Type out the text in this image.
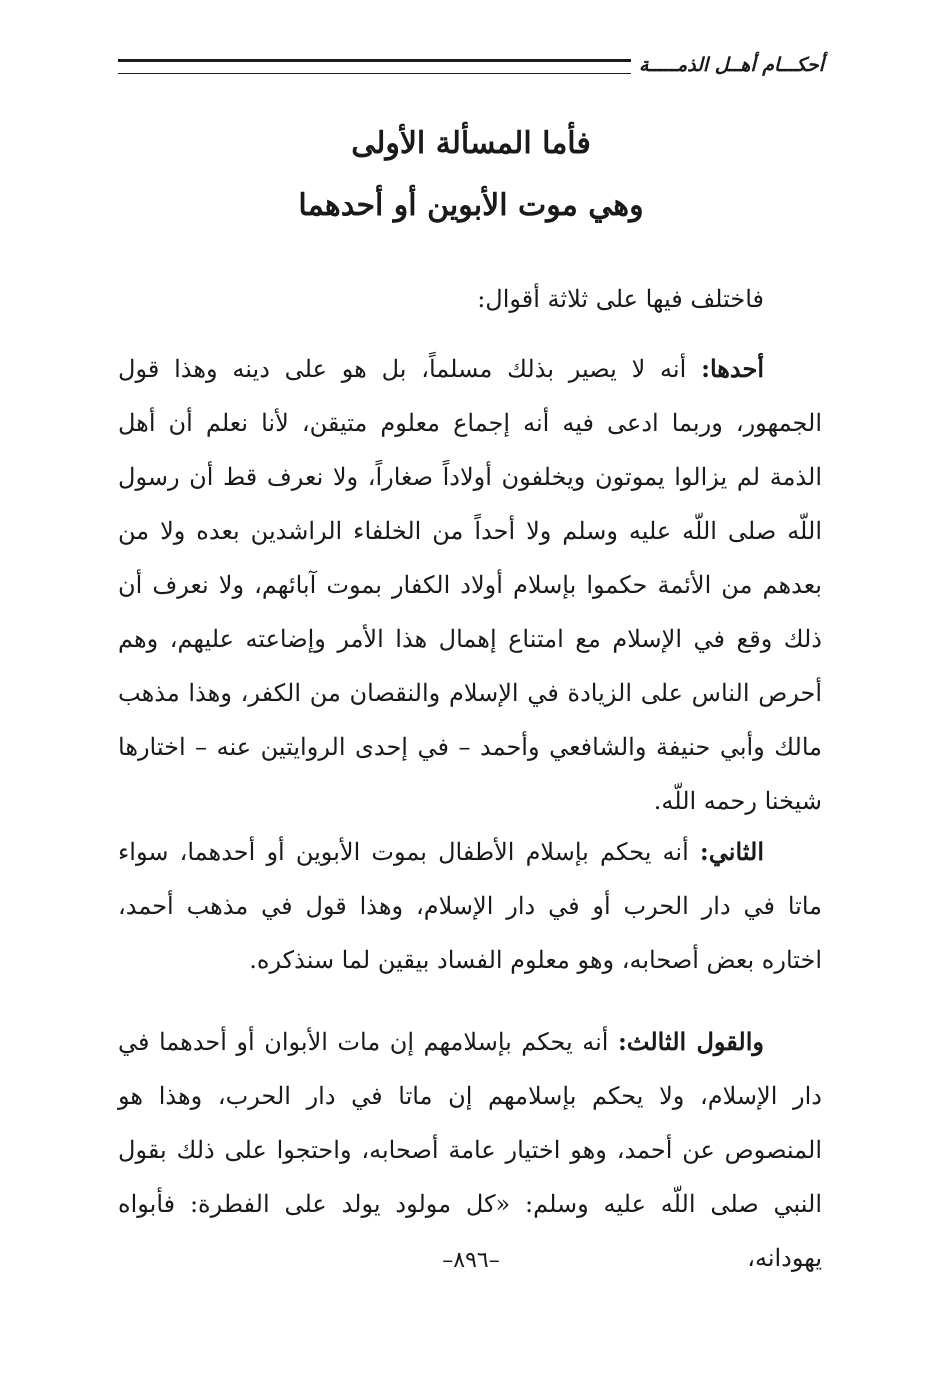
أحكـــام أهــل الذمـــــة
فأما المسألة الأولى
وهي موت الأبوين أو أحدهما
فاختلف فيها على ثلاثة أقوال:

أحدها: أنه لا يصير بذلك مسلماً، بل هو على دينه وهذا قول الجمهور، وربما ادعى فيه أنه إجماع معلوم متيقن، لأنا نعلم أن أهل الذمة لم يزالوا يموتون ويخلفون أولاداً صغاراً، ولا نعرف قط أن رسول اللّه صلى اللّه عليه وسلم ولا أحداً من الخلفاء الراشدين بعده ولا من بعدهم من الأئمة حكموا بإسلام أولاد الكفار بموت آبائهم، ولا نعرف أن ذلك وقع في الإسلام مع امتناع إهمال هذا الأمر وإضاعته عليهم، وهم أحرص الناس على الزيادة في الإسلام والنقصان من الكفر، وهذا مذهب مالك وأبي حنيفة والشافعي وأحمد – في إحدى الروايتين عنه – اختارها شيخنا رحمه اللّه.

الثاني: أنه يحكم بإسلام الأطفال بموت الأبوين أو أحدهما، سواء ماتا في دار الحرب أو في دار الإسلام، وهذا قول في مذهب أحمد، اختاره بعض أصحابه، وهو معلوم الفساد بيقين لما سنذكره.

والقول الثالث: أنه يحكم بإسلامهم إن مات الأبوان أو أحدهما في دار الإسلام، ولا يحكم بإسلامهم إن ماتا في دار الحرب، وهذا هو المنصوص عن أحمد، وهو اختيار عامة أصحابه، واحتجوا على ذلك بقول النبي صلى اللّه عليه وسلم: «كل مولود يولد على الفطرة: فأبواه يهودانه،

–٨٩٦–
